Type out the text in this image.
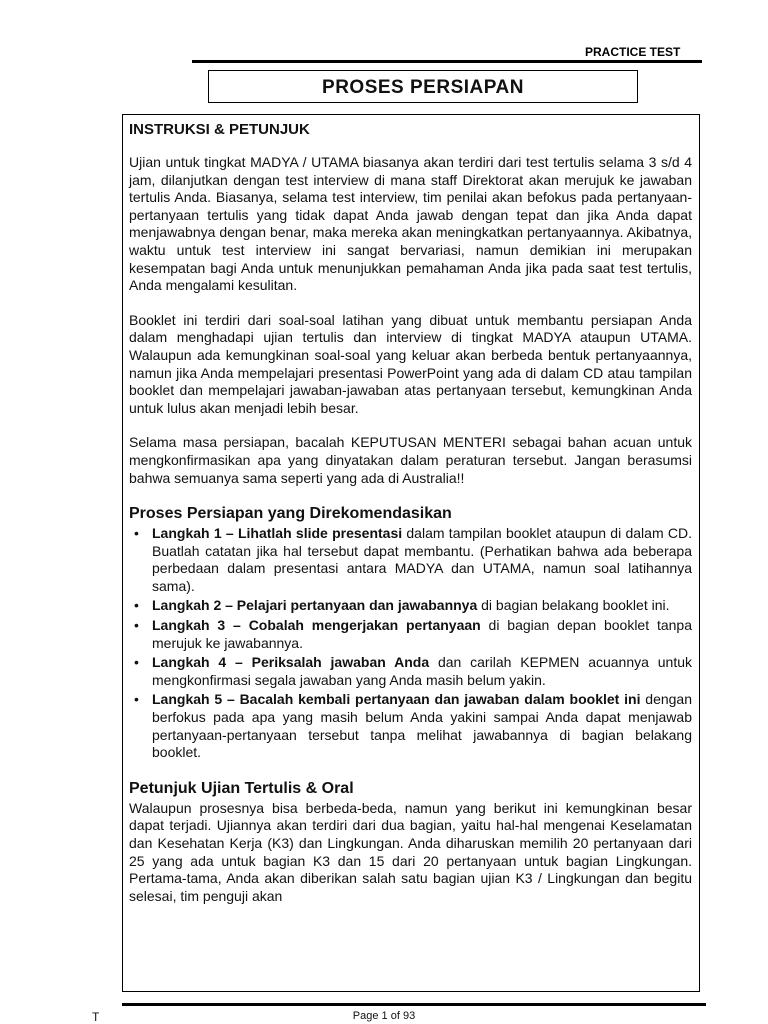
PRACTICE TEST
PROSES PERSIAPAN
INSTRUKSI & PETUNJUK

Ujian untuk tingkat MADYA / UTAMA biasanya akan terdiri dari test tertulis selama 3 s/d 4 jam, dilanjutkan dengan test interview di mana staff Direktorat akan merujuk ke jawaban tertulis Anda. Biasanya, selama test interview, tim penilai akan befokus pada pertanyaan-pertanyaan tertulis yang tidak dapat Anda jawab dengan tepat dan jika Anda dapat menjawabnya dengan benar, maka mereka akan meningkatkan pertanyaannya. Akibatnya, waktu untuk test interview ini sangat bervariasi, namun demikian ini merupakan kesempatan bagi Anda untuk menunjukkan pemahaman Anda jika pada saat test tertulis, Anda mengalami kesulitan.

Booklet ini terdiri dari soal-soal latihan yang dibuat untuk membantu persiapan Anda dalam menghadapi ujian tertulis dan interview di tingkat MADYA ataupun UTAMA. Walaupun ada kemungkinan soal-soal yang keluar akan berbeda bentuk pertanyaannya, namun jika Anda mempelajari presentasi PowerPoint yang ada di dalam CD atau tampilan booklet dan mempelajari jawaban-jawaban atas pertanyaan tersebut, kemungkinan Anda untuk lulus akan menjadi lebih besar.

Selama masa persiapan, bacalah KEPUTUSAN MENTERI sebagai bahan acuan untuk mengkonfirmasikan apa yang dinyatakan dalam peraturan tersebut. Jangan berasumsi bahwa semuanya sama seperti yang ada di Australia!!

Proses Persiapan yang Direkomendasikan
• Langkah 1 – Lihatlah slide presentasi dalam tampilan booklet ataupun di dalam CD. Buatlah catatan jika hal tersebut dapat membantu. (Perhatikan bahwa ada beberapa perbedaan dalam presentasi antara MADYA dan UTAMA, namun soal latihannya sama).
• Langkah 2 – Pelajari pertanyaan dan jawabannya di bagian belakang booklet ini.
• Langkah 3 – Cobalah mengerjakan pertanyaan di bagian depan booklet tanpa merujuk ke jawabannya.
• Langkah 4 – Periksalah jawaban Anda dan carilah KEPMEN acuannya untuk mengkonfirmasi segala jawaban yang Anda masih belum yakin.
• Langkah 5 – Bacalah kembali pertanyaan dan jawaban dalam booklet ini dengan berfokus pada apa yang masih belum Anda yakini sampai Anda dapat menjawab pertanyaan-pertanyaan tersebut tanpa melihat jawabannya di bagian belakang booklet.
Petunjuk Ujian Tertulis & Oral

Walaupun prosesnya bisa berbeda-beda, namun yang berikut ini kemungkinan besar dapat terjadi. Ujiannya akan terdiri dari dua bagian, yaitu hal-hal mengenai Keselamatan dan Kesehatan Kerja (K3) dan Lingkungan. Anda diharuskan memilih 20 pertanyaan dari 25 yang ada untuk bagian K3 dan 15 dari 20 pertanyaan untuk bagian Lingkungan. Pertama-tama, Anda akan diberikan salah satu bagian ujian K3 / Lingkungan dan begitu selesai, tim penguji akan

T	Page 1 of 93
